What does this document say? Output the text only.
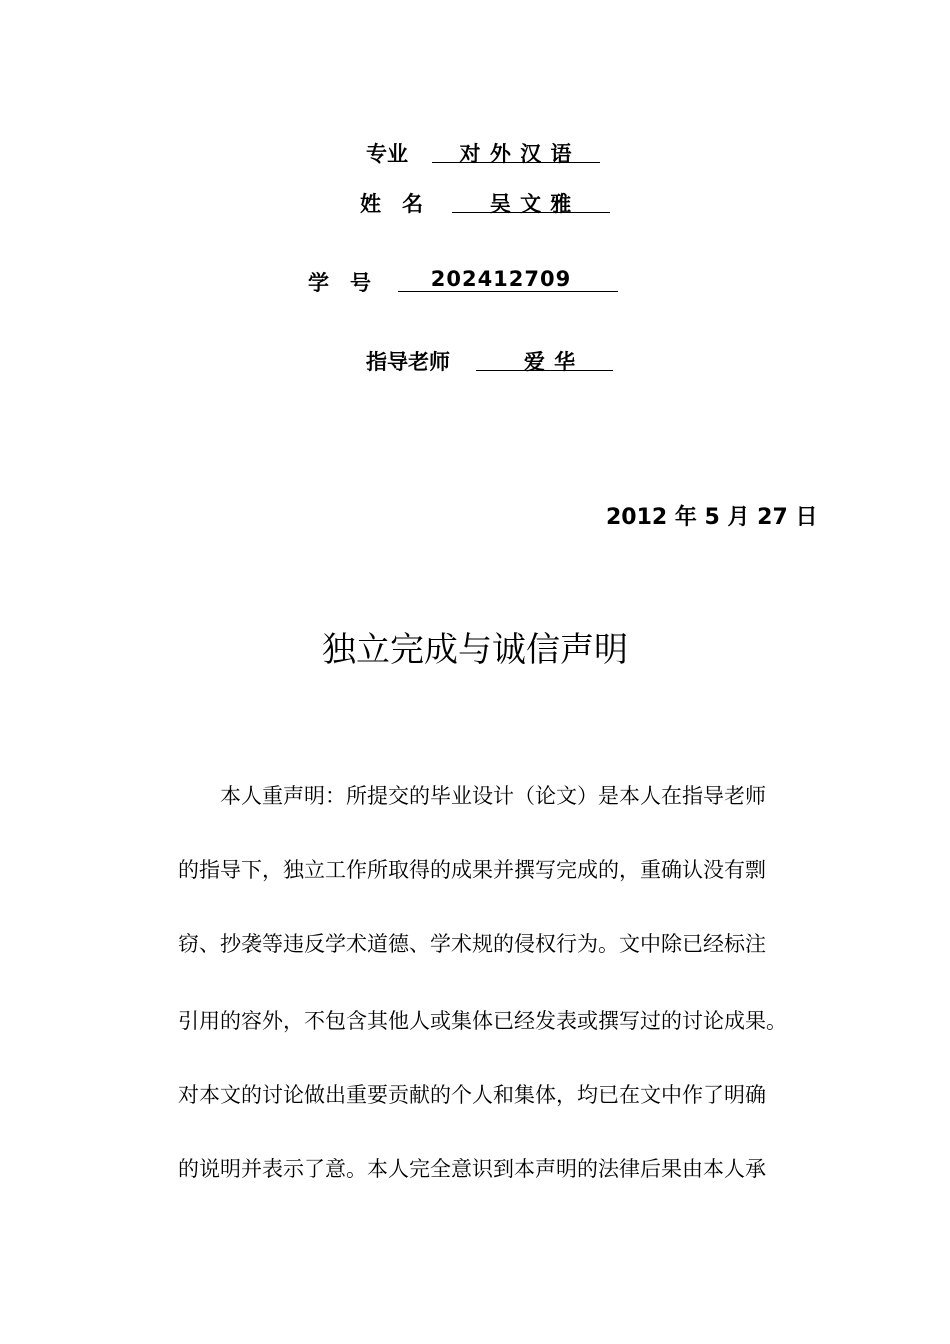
专业	对 外 汉 语
姓　名	吴 文 雅
学　号	202412709
指导老师	爱 华
2012 年 5 月 27 日
独立完成与诚信声明
本人重声明：所提交的毕业设计（论文）是本人在指导老师
的指导下，独立工作所取得的成果并撰写完成的，重确认没有剽
窃、抄袭等违反学术道德、学术规的侵权行为。文中除已经标注
引用的容外，不包含其他人或集体已经发表或撰写过的讨论成果。
对本文的讨论做出重要贡献的个人和集体，均已在文中作了明确
的说明并表示了意。本人完全意识到本声明的法律后果由本人承
